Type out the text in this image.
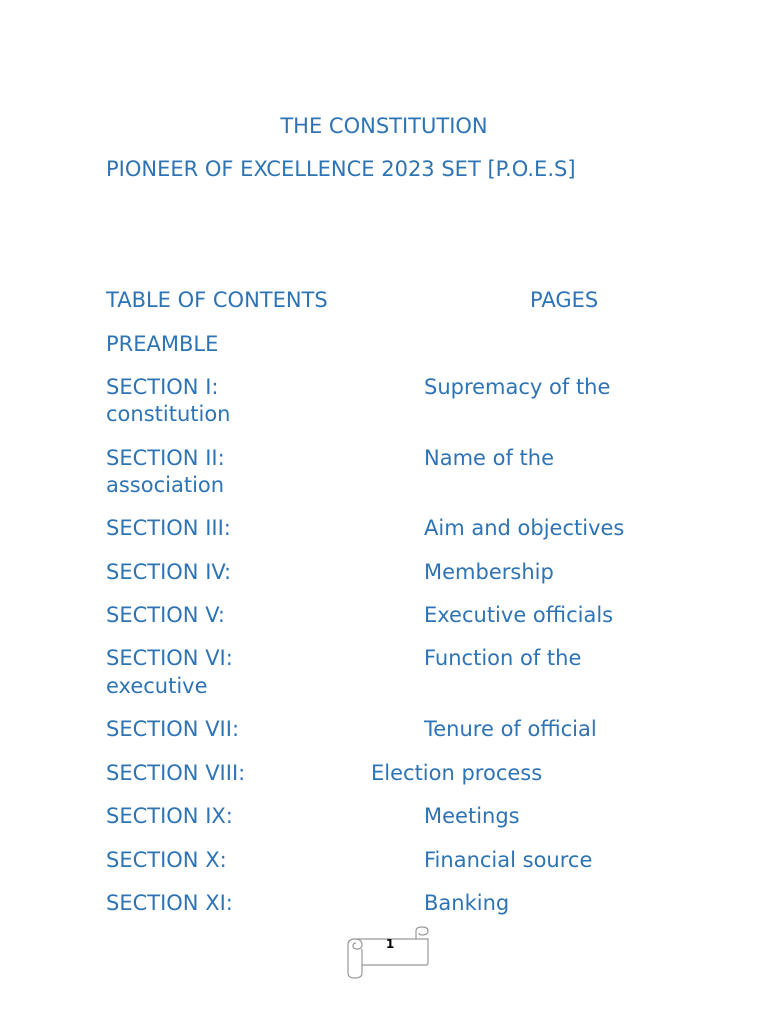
THE CONSTITUTION
PIONEER OF EXCELLENCE 2023 SET [P.O.E.S]
TABLE OF CONTENTS	PAGES
PREAMBLE
SECTION I:	Supremacy of the
constitution
SECTION II:	Name of the
association
SECTION III:	Aim and objectives
SECTION IV:	Membership
SECTION V:	Executive officials
SECTION VI:	Function of the
executive
SECTION VII:	Tenure of official
SECTION VIII:	Election process
SECTION IX:	Meetings
SECTION X:	Financial source
SECTION XI:	Banking
1
